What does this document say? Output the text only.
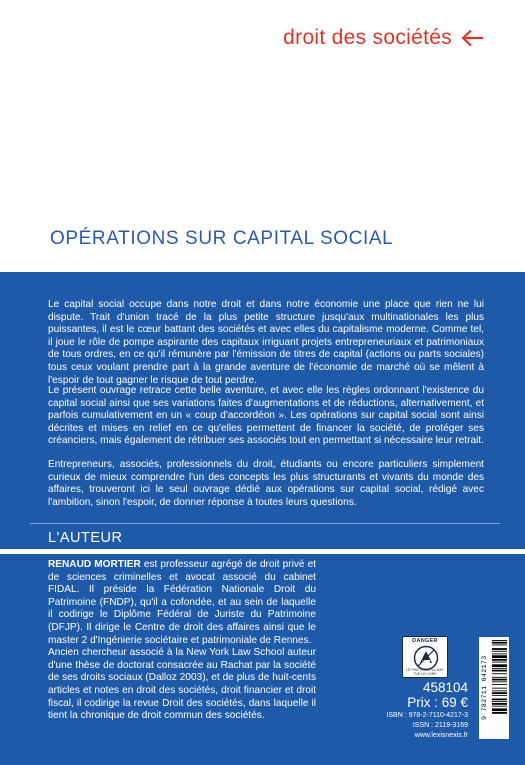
droit des sociétés
OPÉRATIONS SUR CAPITAL SOCIAL

Le capital social occupe dans notre droit et dans notre économie une place que rien ne lui dispute. Trait d'union tracé de la plus petite structure jusqu'aux multinationales les plus puissantes, il est le cœur battant des sociétés et avec elles du capitalisme moderne. Comme tel, il joue le rôle de pompe aspirante des capitaux irriguant projets entrepreneuriaux et patrimoniaux de tous ordres, en ce qu'il rémunère par l'émission de titres de capital (actions ou parts sociales) tous ceux voulant prendre part à la grande aventure de l'économie de marché où se mêlent à l'espoir de tout gagner le risque de tout perdre.

Le présent ouvrage retrace cette belle aventure, et avec elle les règles ordonnant l'existence du capital social ainsi que ses variations faites d'augmentations et de réductions, alternativement, et parfois cumulativement en un « coup d'accordéon ». Les opérations sur capital social sont ainsi décrites et mises en relief en ce qu'elles permettent de financer la société, de protéger ses créanciers, mais également de rétribuer ses associés tout en permettant si nécessaire leur retrait.

Entrepreneurs, associés, professionnels du droit, étudiants ou encore particuliers simplement curieux de mieux comprendre l'un des concepts les plus structurants et vivants du monde des affaires, trouveront ici le seul ouvrage dédié aux opérations sur capital social, rédigé avec l'ambition, sinon l'espoir, de donner réponse à toutes leurs questions.

L'AUTEUR

RENAUD MORTIER est professeur agrégé de droit privé et de sciences criminelles et avocat associé du cabinet FIDAL. Il préside la Fédération Nationale Droit du Patrimoine (FNDP), qu'il a cofondée, et au sein de laquelle il codirige le Diplôme Fédéral de Juriste du Patrimoine (DFJP). Il dirige le Centre de droit des affaires ainsi que le master 2 d'Ingénierie sociétaire et patrimoniale de Rennes.

Ancien chercheur associé à la New York Law School auteur d'une thèse de doctorat consacrée au Rachat par la société de ses droits sociaux (Dalloz 2003), et de plus de huit-cents articles et notes en droit des sociétés, droit financier et droit fiscal, il codirige la revue Droit des sociétés, dans laquelle il tient la chronique de droit commun des sociétés.

DANGER
LE PHOTOCOPILLAGE TUE LE LIVRE
458104
Prix : 69 €
ISBN : 978-2-7110-4217-3
ISSN : 2119-3169
www.lexisnexis.fr
9 782711 042173
